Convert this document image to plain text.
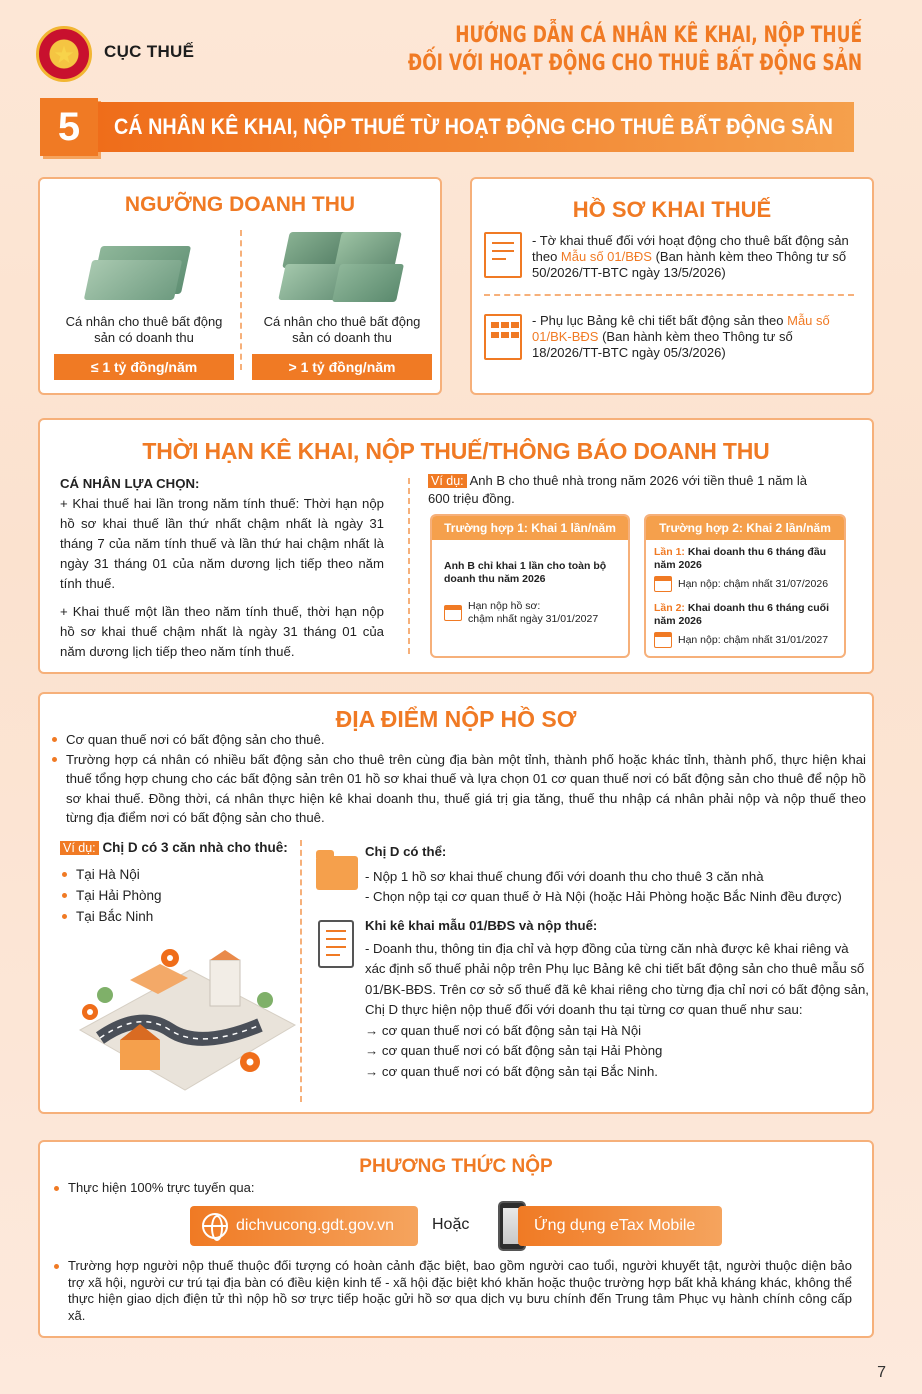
★	CỤC THUẾ
HƯỚNG DẪN CÁ NHÂN KÊ KHAI, NỘP THUẾ
ĐỐI VỚI HOẠT ĐỘNG CHO THUÊ BẤT ĐỘNG SẢN
5	CÁ NHÂN KÊ KHAI, NỘP THUẾ TỪ HOẠT ĐỘNG CHO THUÊ BẤT ĐỘNG SẢN
NGƯỠNG DOANH THU
Cá nhân cho thuê bất động sản có doanh thu
≤ 1 tỷ đồng/năm
Cá nhân cho thuê bất động sản có doanh thu
> 1 tỷ đồng/năm
HỒ SƠ KHAI THUẾ
- Tờ khai thuế đối với hoạt động cho thuê bất động sản theo Mẫu số 01/BĐS (Ban hành kèm theo Thông tư số 50/2026/TT-BTC ngày 13/5/2026)
- Phụ lục Bảng kê chi tiết bất động sản theo Mẫu số 01/BK-BĐS (Ban hành kèm theo Thông tư số 18/2026/TT-BTC ngày 05/3/2026)
THỜI HẠN KÊ KHAI, NỘP THUẾ/THÔNG BÁO DOANH THU
CÁ NHÂN LỰA CHỌN:
+ Khai thuế hai lần trong năm tính thuế: Thời hạn nộp hồ sơ khai thuế lần thứ nhất chậm nhất là ngày 31 tháng 7 của năm tính thuế và lần thứ hai chậm nhất là ngày 31 tháng 01 của năm dương lịch tiếp theo năm tính thuế.
+ Khai thuế một lần theo năm tính thuế, thời hạn nộp hồ sơ khai thuế chậm nhất là ngày 31 tháng 01 của năm dương lịch tiếp theo năm tính thuế.
Ví dụ: Anh B cho thuê nhà trong năm 2026 với tiền thuê 1 năm là 600 triệu đồng.
Trường hợp 1: Khai 1 lần/năm
Anh B chỉ khai 1 lần cho toàn bộ doanh thu năm 2026
Hạn nộp hồ sơ:
chậm nhất ngày 31/01/2027
Trường hợp 2: Khai 2 lần/năm
Lần 1: Khai doanh thu 6 tháng đầu năm 2026
Hạn nộp: chậm nhất 31/07/2026
Lần 2: Khai doanh thu 6 tháng cuối năm 2026
Hạn nộp: chậm nhất 31/01/2027
ĐỊA ĐIỂM NỘP HỒ SƠ
Cơ quan thuế nơi có bất động sản cho thuê.
Trường hợp cá nhân có nhiều bất động sản cho thuê trên cùng địa bàn một tỉnh, thành phố hoặc khác tỉnh, thành phố, thực hiện khai thuế tổng hợp chung cho các bất động sản trên 01 hồ sơ khai thuế và lựa chọn 01 cơ quan thuế nơi có bất động sản cho thuê để nộp hồ sơ khai thuế. Đồng thời, cá nhân thực hiện kê khai doanh thu, thuế giá trị gia tăng, thuế thu nhập cá nhân phải nộp và nộp thuế theo từng địa điểm nơi có bất động sản cho thuê.
Ví dụ: Chị D có 3 căn nhà cho thuê:
Tại Hà Nội
Tại Hải Phòng
Tại Bắc Ninh
Chị D có thể:
- Nộp 1 hồ sơ khai thuế chung đối với doanh thu cho thuê 3 căn nhà
- Chọn nộp tại cơ quan thuế ở Hà Nội (hoặc Hải Phòng hoặc Bắc Ninh đều được)
Khi kê khai mẫu 01/BĐS và nộp thuế:
- Doanh thu, thông tin địa chỉ và hợp đồng của từng căn nhà được kê khai riêng và xác định số thuế phải nộp trên Phụ lục Bảng kê chi tiết bất động sản cho thuê mẫu số 01/BK-BĐS. Trên cơ sở số thuế đã kê khai riêng cho từng địa chỉ nơi có bất động sản, Chị D thực hiện nộp thuế đối với doanh thu tại từng cơ quan thuế như sau:
→ cơ quan thuế nơi có bất động sản tại Hà Nội
→ cơ quan thuế nơi có bất động sản tại Hải Phòng
→ cơ quan thuế nơi có bất động sản tại Bắc Ninh.
PHƯƠNG THỨC NỘP
Thực hiện 100% trực tuyến qua:
dichvucong.gdt.gov.vn	Hoặc	Ứng dụng eTax Mobile
Trường hợp người nộp thuế thuộc đối tượng có hoàn cảnh đặc biệt, bao gồm người cao tuổi, người khuyết tật, người thuộc diện bảo trợ xã hội, người cư trú tại địa bàn có điều kiện kinh tế - xã hội đặc biệt khó khăn hoặc thuộc trường hợp bất khả kháng khác, không thể thực hiện giao dịch điện tử thì nộp hồ sơ trực tiếp hoặc gửi hồ sơ qua dịch vụ bưu chính đến Trung tâm Phục vụ hành chính công cấp xã.
7
